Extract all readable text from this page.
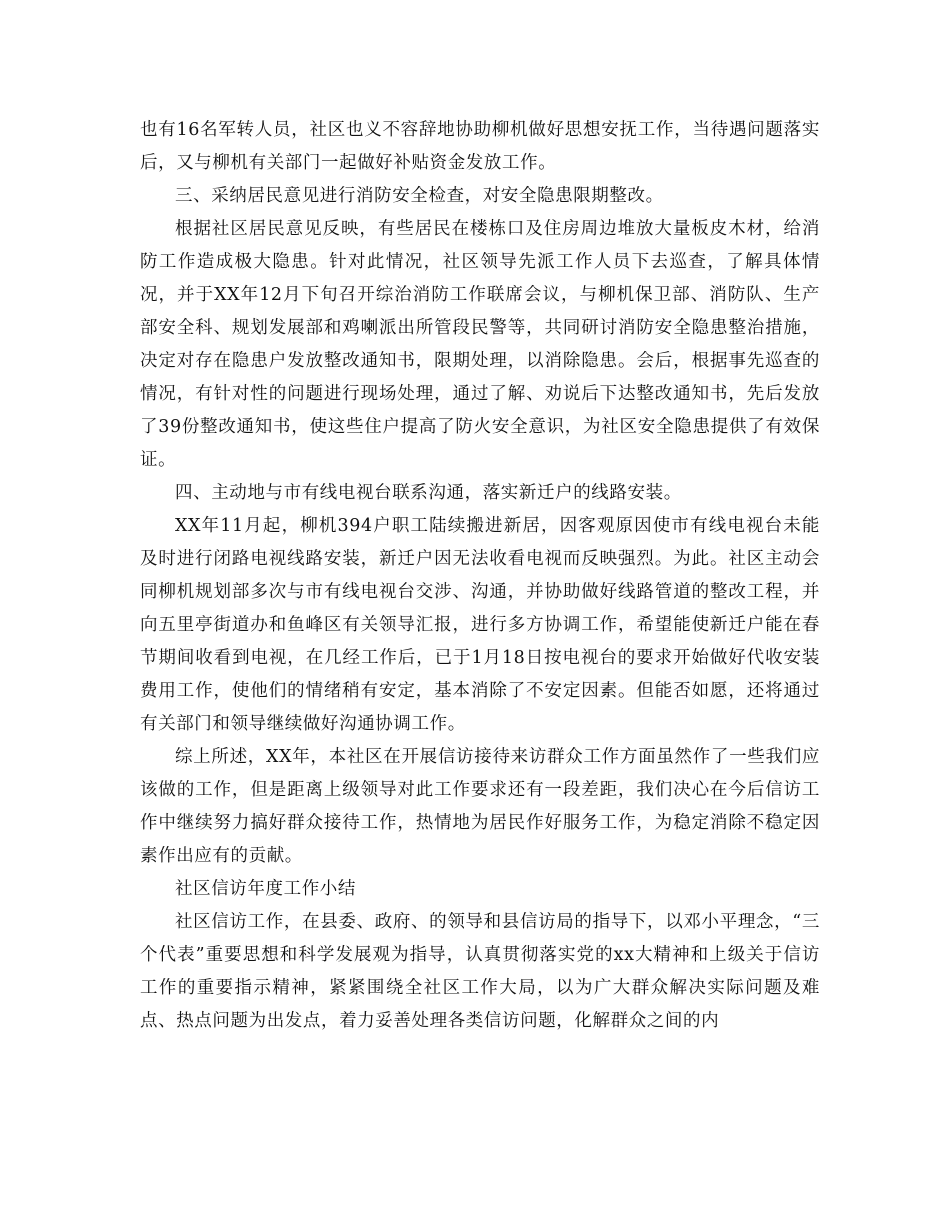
也有16名军转人员，社区也义不容辞地协助柳机做好思想安抚工作，当待遇问题落实后，又与柳机有关部门一起做好补贴资金发放工作。

三、采纳居民意见进行消防安全检查，对安全隐患限期整改。

根据社区居民意见反映，有些居民在楼栋口及住房周边堆放大量板皮木材，给消防工作造成极大隐患。针对此情况，社区领导先派工作人员下去巡查，了解具体情况，并于XX年12月下旬召开综治消防工作联席会议，与柳机保卫部、消防队、生产部安全科、规划发展部和鸡喇派出所管段民警等，共同研讨消防安全隐患整治措施，决定对存在隐患户发放整改通知书，限期处理，以消除隐患。会后，根据事先巡查的情况，有针对性的问题进行现场处理，通过了解、劝说后下达整改通知书，先后发放了39份整改通知书，使这些住户提高了防火安全意识，为社区安全隐患提供了有效保证。

四、主动地与市有线电视台联系沟通，落实新迁户的线路安装。

XX年11月起，柳机394户职工陆续搬进新居，因客观原因使市有线电视台未能及时进行闭路电视线路安装，新迁户因无法收看电视而反映强烈。为此。社区主动会同柳机规划部多次与市有线电视台交涉、沟通，并协助做好线路管道的整改工程，并向五里亭街道办和鱼峰区有关领导汇报，进行多方协调工作，希望能使新迁户能在春节期间收看到电视，在几经工作后，已于1月18日按电视台的要求开始做好代收安装费用工作，使他们的情绪稍有安定，基本消除了不安定因素。但能否如愿，还将通过有关部门和领导继续做好沟通协调工作。

综上所述，XX年，本社区在开展信访接待来访群众工作方面虽然作了一些我们应该做的工作，但是距离上级领导对此工作要求还有一段差距，我们决心在今后信访工作中继续努力搞好群众接待工作，热情地为居民作好服务工作，为稳定消除不稳定因素作出应有的贡献。

社区信访年度工作小结

社区信访工作，在县委、政府、的领导和县信访局的指导下，以邓小平理念，“三个代表”重要思想和科学发展观为指导，认真贯彻落实党的xx大精神和上级关于信访工作的重要指示精神，紧紧围绕全社区工作大局，以为广大群众解决实际问题及难点、热点问题为出发点，着力妥善处理各类信访问题，化解群众之间的内
